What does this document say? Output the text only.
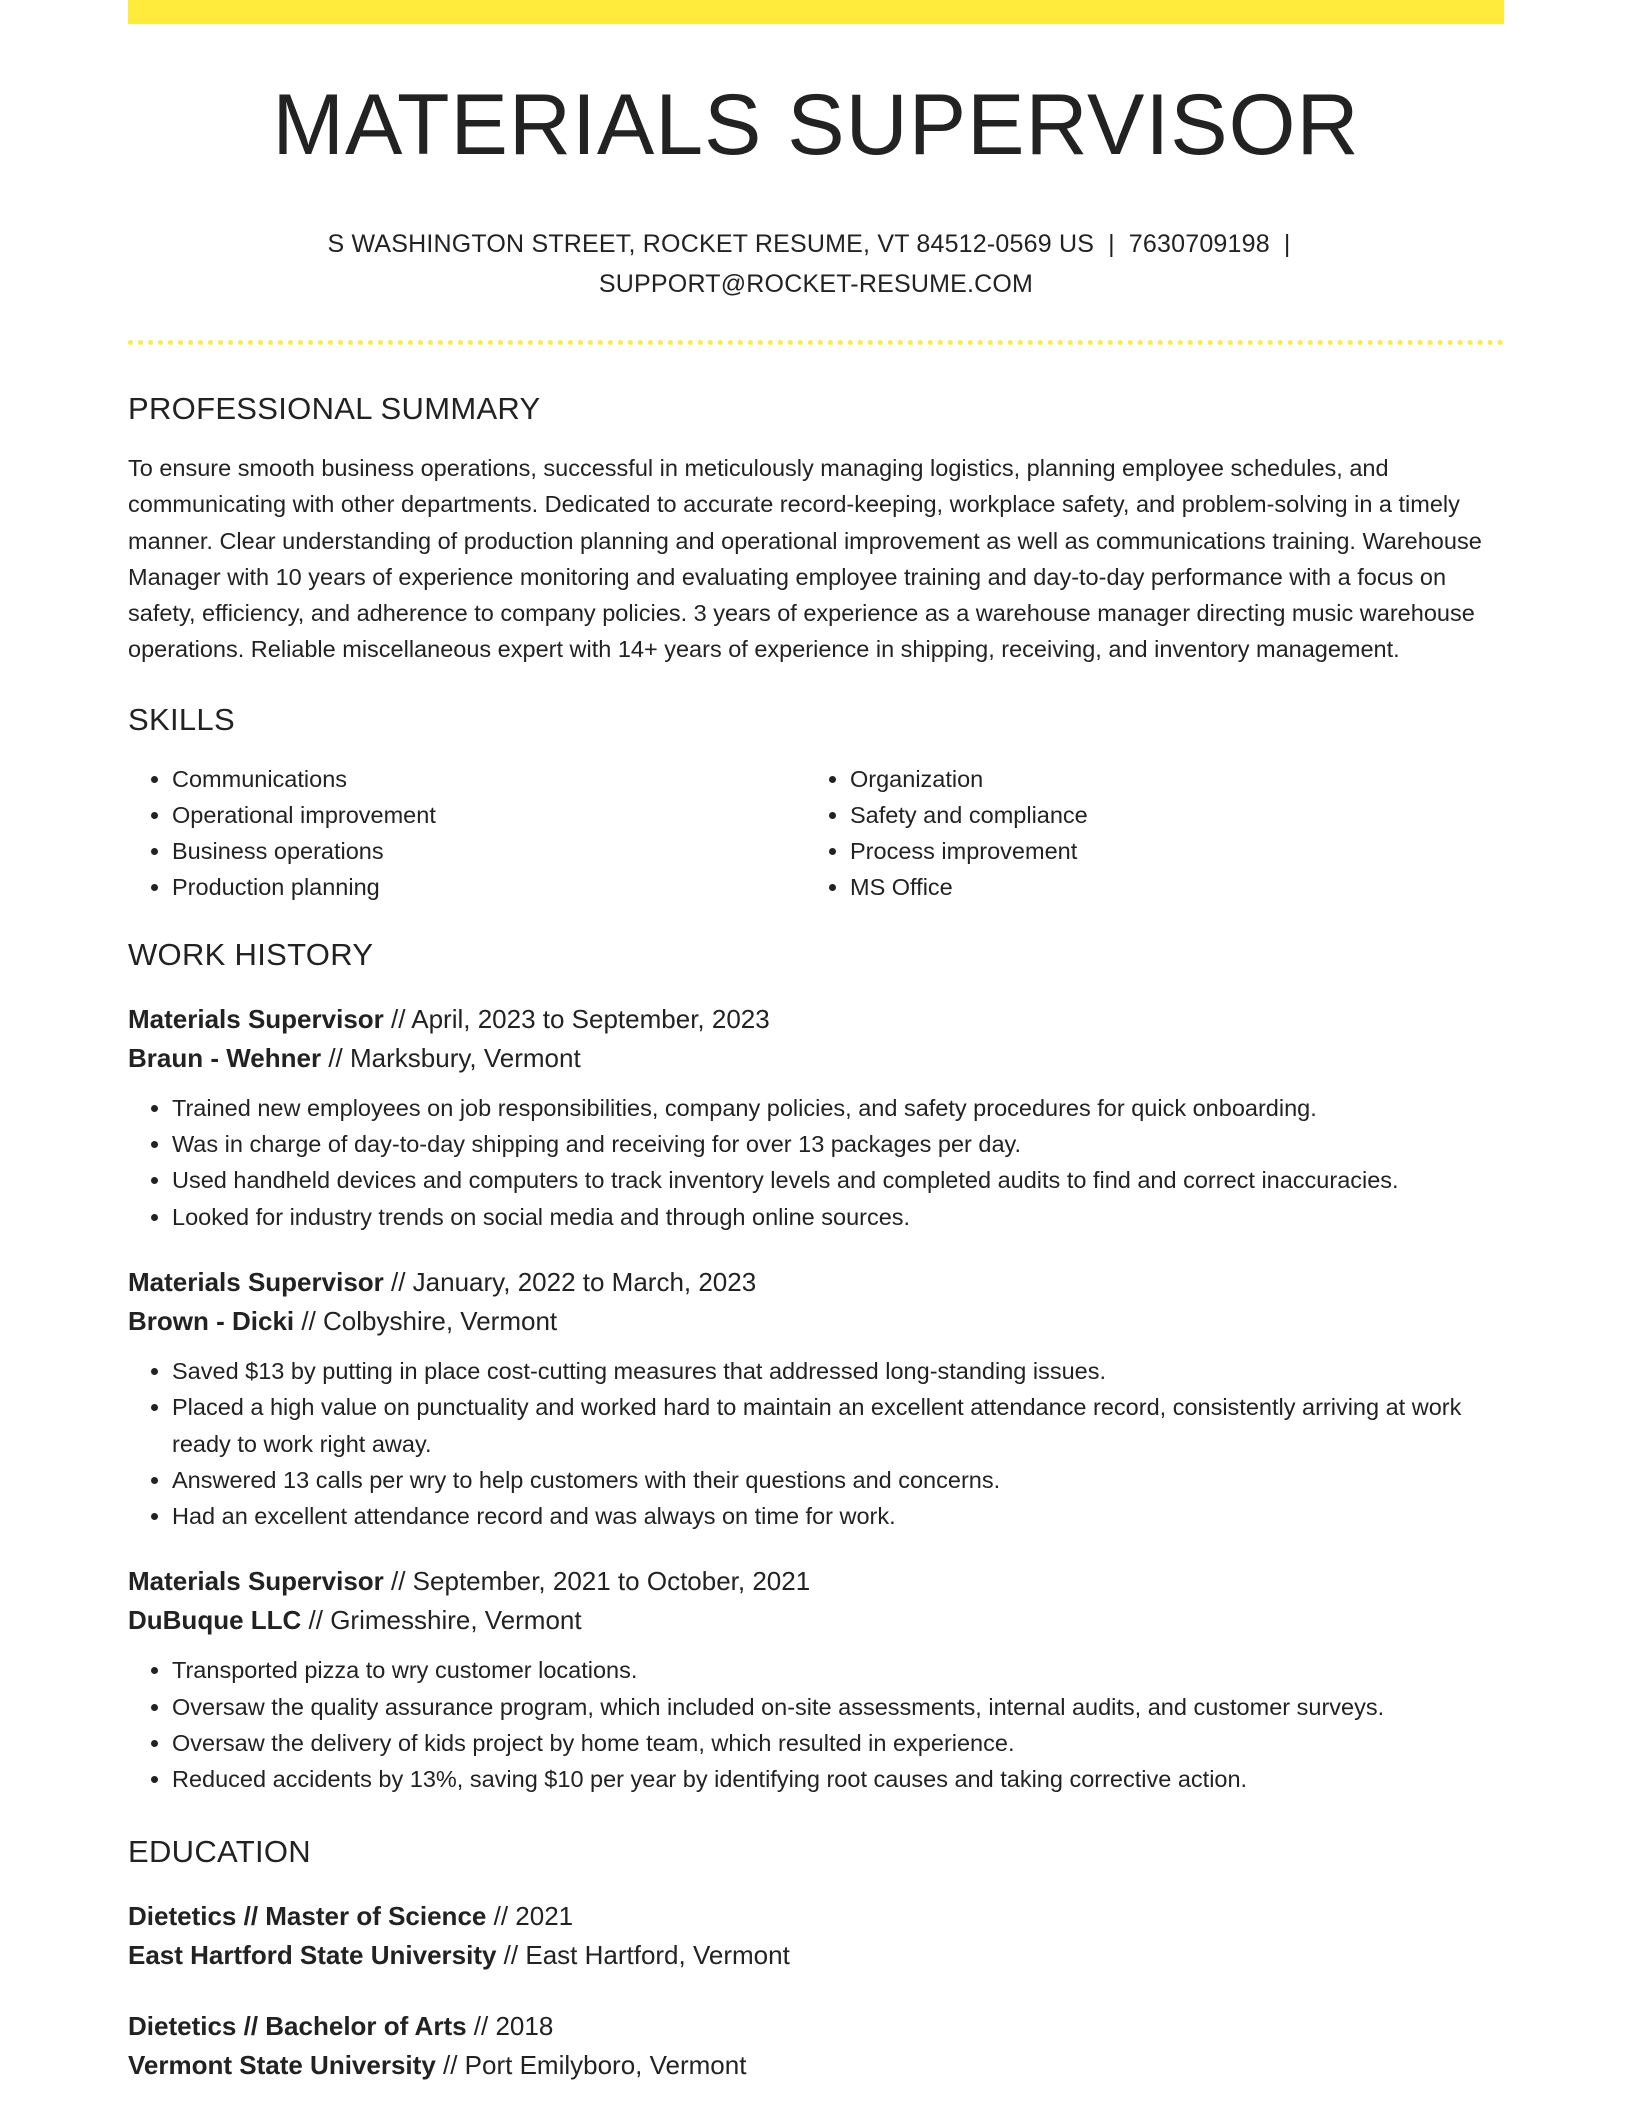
MATERIALS SUPERVISOR
S WASHINGTON STREET, ROCKET RESUME, VT 84512-0569 US | 7630709198 |
SUPPORT@ROCKET-RESUME.COM
PROFESSIONAL SUMMARY

To ensure smooth business operations, successful in meticulously managing logistics, planning employee schedules, and communicating with other departments. Dedicated to accurate record-keeping, workplace safety, and problem-solving in a timely manner. Clear understanding of production planning and operational improvement as well as communications training. Warehouse Manager with 10 years of experience monitoring and evaluating employee training and day-to-day performance with a focus on safety, efficiency, and adherence to company policies. 3 years of experience as a warehouse manager directing music warehouse operations. Reliable miscellaneous expert with 14+ years of experience in shipping, receiving, and inventory management.

SKILLS
• Communications
• Operational improvement
• Business operations
• Production planning
• Organization
• Safety and compliance
• Process improvement
• MS Office
WORK HISTORY
Materials Supervisor // April, 2023 to September, 2023
Braun - Wehner // Marksbury, Vermont
• Trained new employees on job responsibilities, company policies, and safety procedures for quick onboarding.
• Was in charge of day-to-day shipping and receiving for over 13 packages per day.
• Used handheld devices and computers to track inventory levels and completed audits to find and correct inaccuracies.
• Looked for industry trends on social media and through online sources.
Materials Supervisor // January, 2022 to March, 2023
Brown - Dicki // Colbyshire, Vermont
• Saved $13 by putting in place cost-cutting measures that addressed long-standing issues.
• Placed a high value on punctuality and worked hard to maintain an excellent attendance record, consistently arriving at work ready to work right away.
• Answered 13 calls per wry to help customers with their questions and concerns.
• Had an excellent attendance record and was always on time for work.
Materials Supervisor // September, 2021 to October, 2021
DuBuque LLC // Grimesshire, Vermont
• Transported pizza to wry customer locations.
• Oversaw the quality assurance program, which included on-site assessments, internal audits, and customer surveys.
• Oversaw the delivery of kids project by home team, which resulted in experience.
• Reduced accidents by 13%, saving $10 per year by identifying root causes and taking corrective action.
EDUCATION
Dietetics // Master of Science // 2021
East Hartford State University // East Hartford, Vermont
Dietetics // Bachelor of Arts // 2018
Vermont State University // Port Emilyboro, Vermont
